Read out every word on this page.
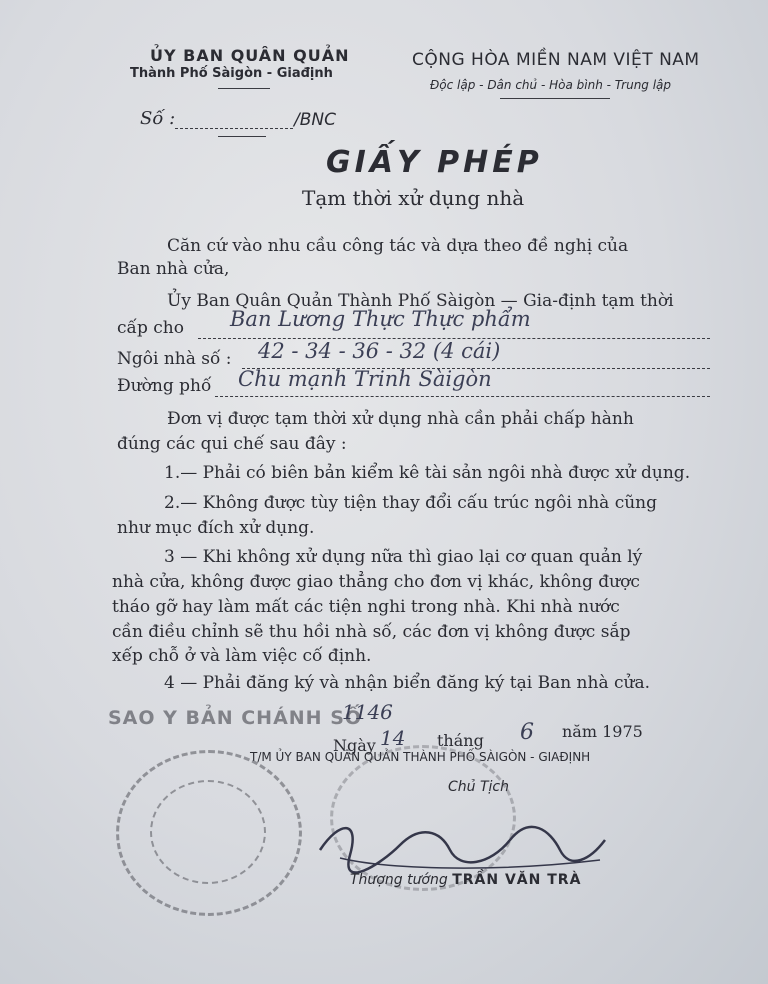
ỦY BAN QUÂN QUẢN
Thành Phố Sàigòn - Giađịnh
CỘNG HÒA MIỀN NAM VIỆT NAM
Độc lập - Dân chủ - Hòa bình - Trung lập
Số :	/BNC
GIẤY PHÉP
Tạm thời xử dụng nhà
Căn cứ vào nhu cầu công tác và dựa theo đề nghị của
Ban nhà cửa,
Ủy Ban Quân Quản Thành Phố Sàigòn — Gia-định tạm thời
cấp cho Ban Lương Thực Thực phẩm
Ngôi nhà số : 42 - 34 - 36 - 32 (4 cái)
Đường phố Chu mạnh Trinh Sàigòn
Đơn vị được tạm thời xử dụng nhà cần phải chấp hành
đúng các qui chế sau đây :
1.— Phải có biên bản kiểm kê tài sản ngôi nhà được xử dụng.
2.— Không được tùy tiện thay đổi cấu trúc ngôi nhà cũng
như mục đích xử dụng.
3 — Khi không xử dụng nữa thì giao lại cơ quan quản lý
nhà cửa, không được giao thẳng cho đơn vị khác, không được
tháo gỡ hay làm mất các tiện nghi trong nhà. Khi nhà nước
cần điều chỉnh sẽ thu hồi nhà số, các đơn vị không được sắp
xếp chỗ ở và làm việc cố định.
4 — Phải đăng ký và nhận biển đăng ký tại Ban nhà cửa.
SAO Y BẢN CHÁNH SỐ
1146
Ngày 14 tháng 6 năm 1975
T/M ỦY BAN QUÂN QUẢN THÀNH PHỐ SÀIGÒN - GIAĐỊNH
Chủ Tịch
Thượng tướng TRẦN VĂN TRÀ
